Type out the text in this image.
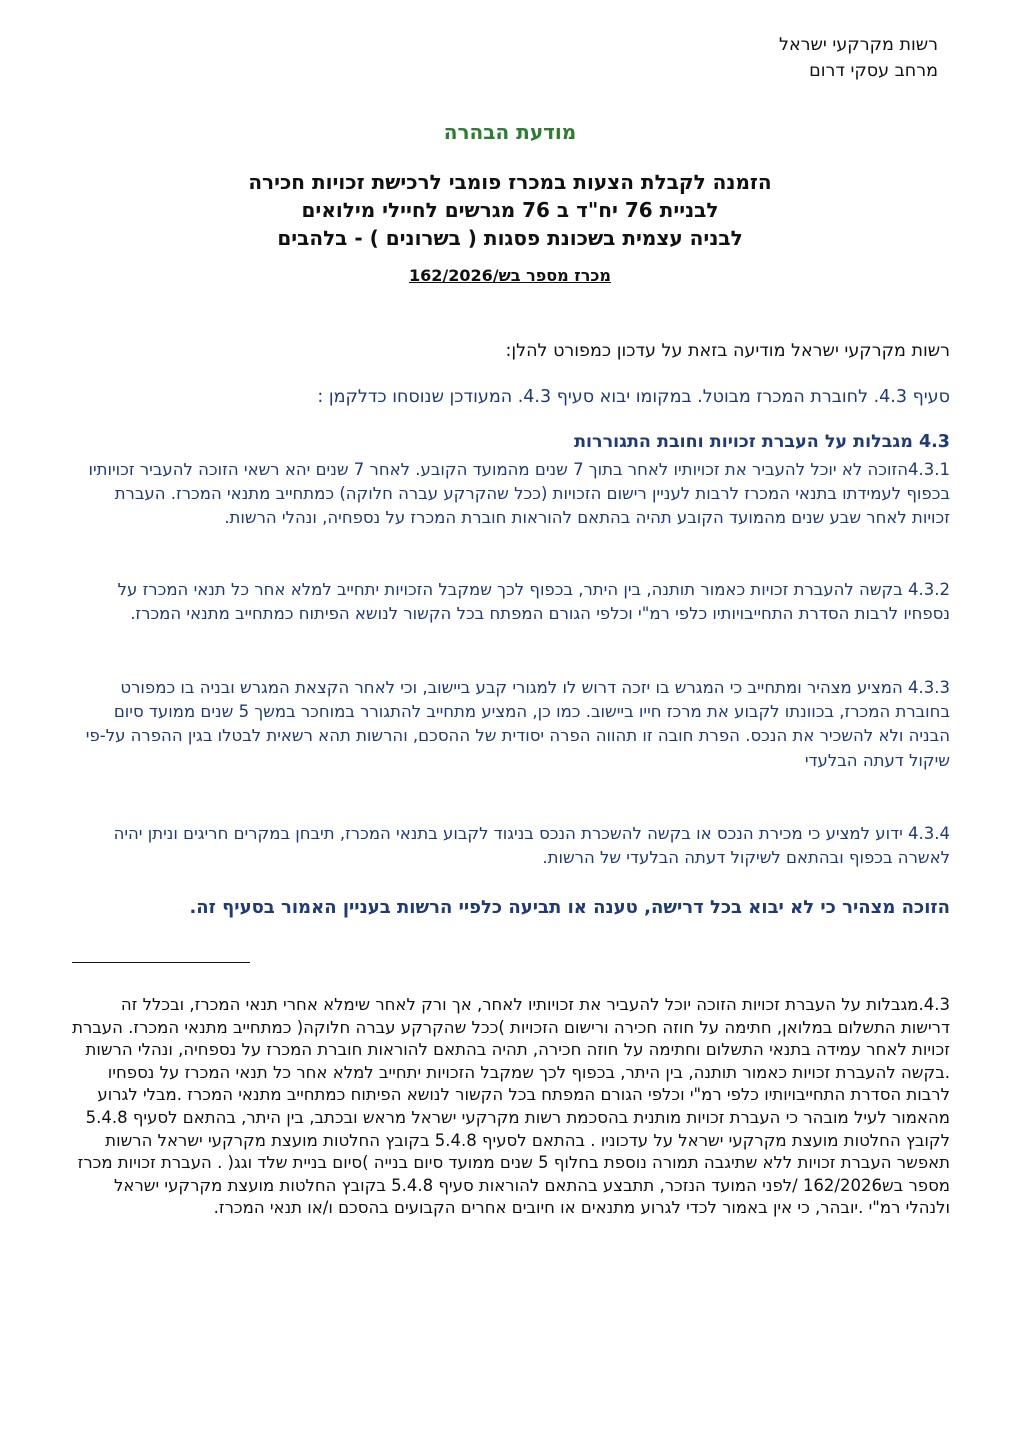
רשות מקרקעי ישראל
מרחב עסקי דרום
מודעת הבהרה
הזמנה לקבלת הצעות במכרז פומבי לרכישת זכויות חכירה
לבניית 76 יח"ד ב 76 מגרשים לחיילי מילואים
לבניה עצמית בשכונת פסגות ( בשרונים ) - בלהבים
מכרז מספר בש/162/2026
רשות מקרקעי ישראל מודיעה בזאת על עדכון כמפורט להלן:
סעיף 4.3. לחוברת המכרז מבוטל. במקומו יבוא סעיף 4.3. המעודכן שנוסחו כדלקמן :
4.3 מגבלות על העברת זכויות וחובת התגוררות
4.3.1הזוכה לא יוכל להעביר את זכויותיו לאחר בתוך 7 שנים מהמועד הקובע. לאחר 7 שנים יהא רשאי הזוכה להעביר זכויותיו בכפוף לעמידתו בתנאי המכרז לרבות לעניין רישום הזכויות (ככל שהקרקע עברה חלוקה) כמתחייב מתנאי המכרז. העברת זכויות לאחר שבע שנים מהמועד הקובע תהיה בהתאם להוראות חוברת המכרז על נספחיה, ונהלי הרשות.
4.3.2 בקשה להעברת זכויות כאמור תותנה, בין היתר, בכפוף לכך שמקבל הזכויות יתחייב למלא אחר כל תנאי המכרז על נספחיו לרבות הסדרת התחייבויותיו כלפי רמ"י וכלפי הגורם המפתח בכל הקשור לנושא הפיתוח כמתחייב מתנאי המכרז.
4.3.3 המציע מצהיר ומתחייב כי המגרש בו יזכה דרוש לו למגורי קבע ביישוב, וכי לאחר הקצאת המגרש ובניה בו כמפורט בחוברת המכרז, בכוונתו לקבוע את מרכז חייו ביישוב. כמו כן, המציע מתחייב להתגורר במוחכר במשך 5 שנים ממועד סיום הבניה ולא להשכיר את הנכס. הפרת חובה זו תהווה הפרה יסודית של ההסכם, והרשות תהא רשאית לבטלו בגין ההפרה על-פי שיקול דעתה הבלעדי
4.3.4 ידוע למציע כי מכירת הנכס או בקשה להשכרת הנכס בניגוד לקבוע בתנאי המכרז, תיבחן במקרים חריגים וניתן יהיה לאשרה בכפוף ובהתאם לשיקול דעתה הבלעדי של הרשות.
הזוכה מצהיר כי לא יבוא בכל דרישה, טענה או תביעה כלפיי הרשות בעניין האמור בסעיף זה.
4.3.מגבלות על העברת זכויות הזוכה יוכל להעביר את זכויותיו לאחר, אך ורק לאחר שימלא אחרי תנאי המכרז, ובכלל זה דרישות התשלום במלואן, חתימה על חוזה חכירה ורישום הזכויות )ככל שהקרקע עברה חלוקה( כמתחייב מתנאי המכרז. העברת זכויות לאחר עמידה בתנאי התשלום וחתימה על חוזה חכירה, תהיה בהתאם להוראות חוברת המכרז על נספחיה, ונהלי הרשות .בקשה להעברת זכויות כאמור תותנה, בין היתר, בכפוף לכך שמקבל הזכויות יתחייב למלא אחר כל תנאי המכרז על נספחיו לרבות הסדרת התחייבויותיו כלפי רמ"י וכלפי הגורם המפתח בכל הקשור לנושא הפיתוח כמתחייב מתנאי המכרז .מבלי לגרוע מהאמור לעיל מובהר כי העברת זכויות מותנית בהסכמת רשות מקרקעי ישראל מראש ובכתב, בין היתר, בהתאם לסעיף 5.4.8 לקובץ החלטות מועצת מקרקעי ישראל על עדכוניו . בהתאם לסעיף 5.4.8 בקובץ החלטות מועצת מקרקעי ישראל הרשות תאפשר העברת זכויות ללא שתיגבה תמורה נוספת בחלוף 5 שנים ממועד סיום בנייה )סיום בניית שלד וגג( . העברת זכויות מכרז מספר בש162/2026 /לפני המועד הנזכר, תתבצע בהתאם להוראות סעיף 5.4.8 בקובץ החלטות מועצת מקרקעי ישראל ולנהלי רמ"י .יובהר, כי אין באמור לכדי לגרוע מתנאים או חיובים אחרים הקבועים בהסכם ו/או תנאי המכרז.
